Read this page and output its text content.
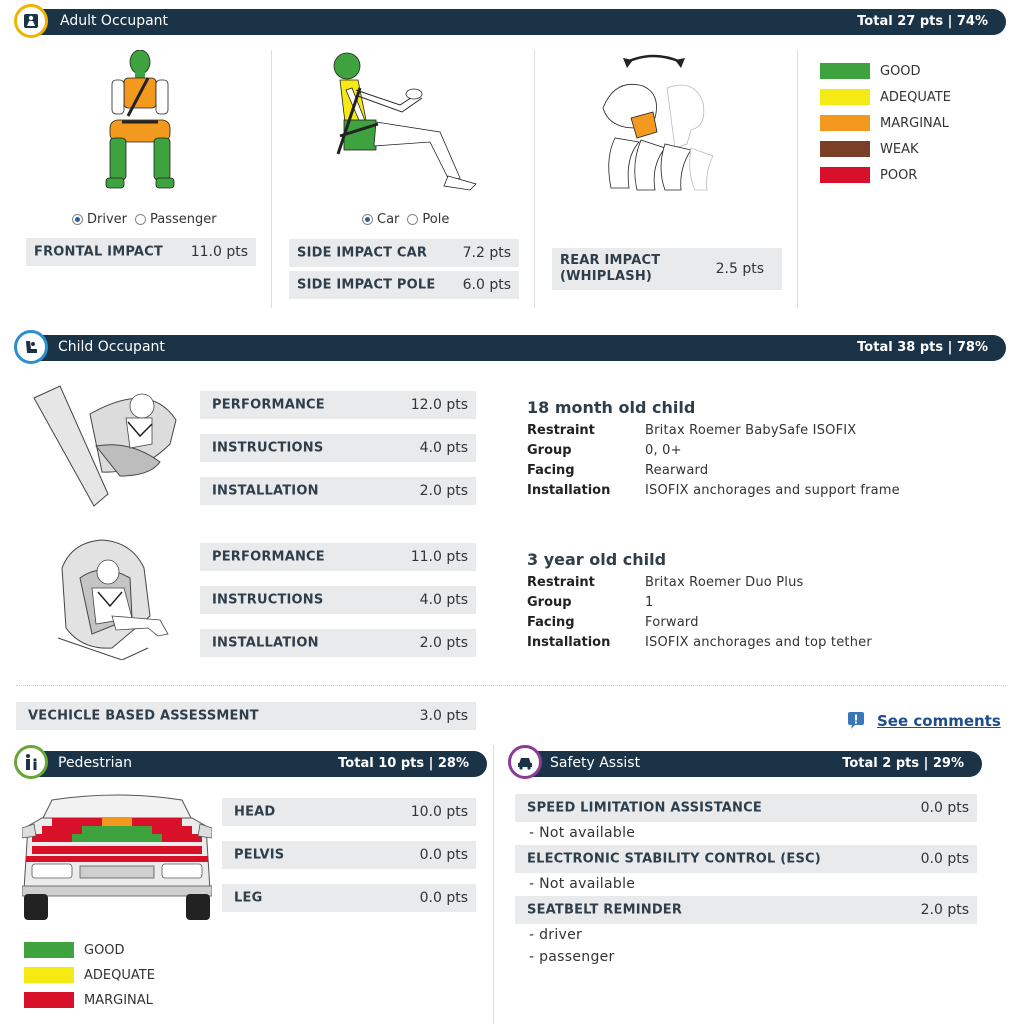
Adult Occupant	Total 27 pts | 74%
Driver Passenger
FRONTAL IMPACT 11.0 pts
Car Pole
SIDE IMPACT CAR	7.2 pts
SIDE IMPACT POLE 6.0 pts
REAR IMPACT
(WHIPLASH)	2.5 pts
GOOD
ADEQUATE
MARGINAL
WEAK
POOR
Child Occupant	Total 38 pts | 78%
PERFORMANCE	12.0 pts
INSTRUCTIONS	4.0 pts
INSTALLATION	2.0 pts
18 month old child
Restraint	Britax Roemer BabySafe ISOFIX
Group	0, 0+
Facing	Rearward
Installation	ISOFIX anchorages and support frame
PERFORMANCE	11.0 pts
INSTRUCTIONS	4.0 pts
INSTALLATION	2.0 pts
3 year old child
Restraint	Britax Roemer Duo Plus
Group	1
Facing	Forward
Installation	ISOFIX anchorages and top tether
VECHICLE BASED ASSESSMENT	3.0 pts	See comments
Pedestrian	Total 10 pts | 28%
HEAD	10.0 pts
PELVIS	0.0 pts
LEG	0.0 pts
GOOD
ADEQUATE
MARGINAL
Safety Assist	Total 2 pts | 29%
SPEED LIMITATION ASSISTANCE	0.0 pts
- Not available
ELECTRONIC STABILITY CONTROL (ESC)	0.0 pts
- Not available
SEATBELT REMINDER	2.0 pts
- driver
- passenger
